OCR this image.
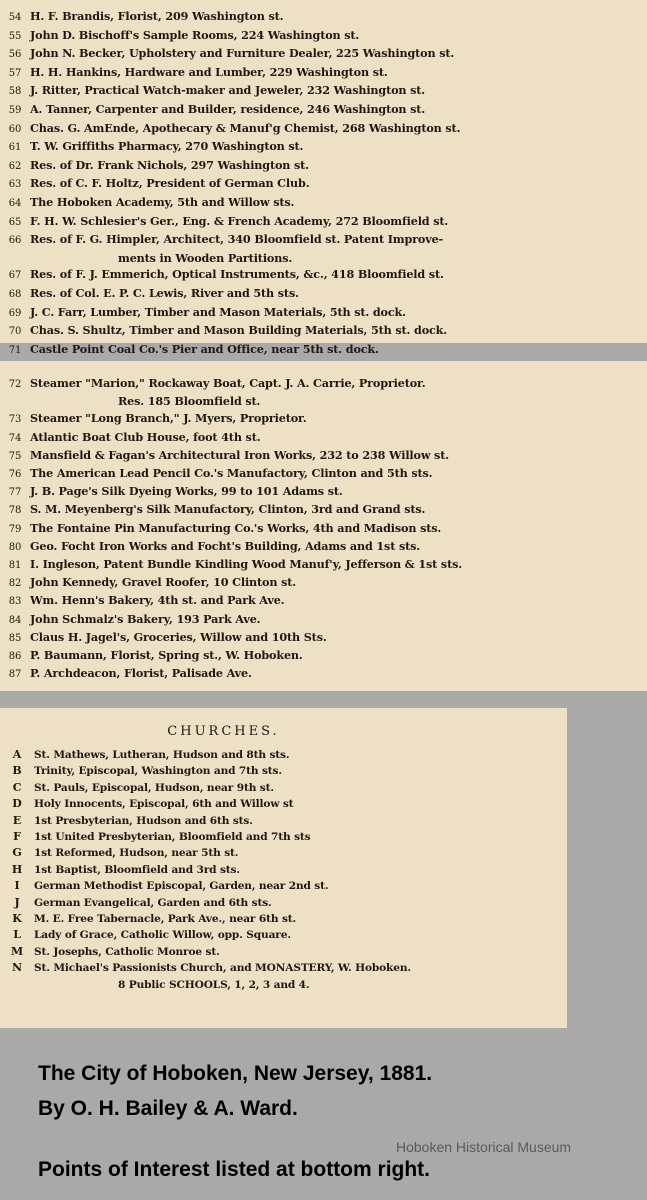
54 H. F. Brandis, Florist, 209 Washington st.
55 John D. Bischoff's Sample Rooms, 224 Washington st.
56 John N. Becker, Upholstery and Furniture Dealer, 225 Washington st.
57 H. H. Hankins, Hardware and Lumber, 229 Washington st.
58 J. Ritter, Practical Watch-maker and Jeweler, 232 Washington st.
59 A. Tanner, Carpenter and Builder, residence, 246 Washington st.
60 Chas. G. AmEnde, Apothecary & Manuf'g Chemist, 268 Washington st.
61 T. W. Griffiths Pharmacy, 270 Washington st.
62 Res. of Dr. Frank Nichols, 297 Washington st.
63 Res. of C. F. Holtz, President of German Club.
64 The Hoboken Academy, 5th and Willow sts.
65 F. H. W. Schlesier's Ger., Eng. & French Academy, 272 Bloomfield st.
66 Res. of F. G. Himpler, Architect, 340 Bloomfield st. Patent Improve-
ments in Wooden Partitions.
67 Res. of F. J. Emmerich, Optical Instruments, &c., 418 Bloomfield st.
68 Res. of Col. E. P. C. Lewis, River and 5th sts.
69 J. C. Farr, Lumber, Timber and Mason Materials, 5th st. dock.
70 Chas. S. Shultz, Timber and Mason Building Materials, 5th st. dock.
71 Castle Point Coal Co.'s Pier and Office, near 5th st. dock.
72 Steamer "Marion," Rockaway Boat, Capt. J. A. Carrie, Proprietor.
Res. 185 Bloomfield st.
73 Steamer "Long Branch," J. Myers, Proprietor.
74 Atlantic Boat Club House, foot 4th st.
75 Mansfield & Fagan's Architectural Iron Works, 232 to 238 Willow st.
76 The American Lead Pencil Co.'s Manufactory, Clinton and 5th sts.
77 J. B. Page's Silk Dyeing Works, 99 to 101 Adams st.
78 S. M. Meyenberg's Silk Manufactory, Clinton, 3rd and Grand sts.
79 The Fontaine Pin Manufacturing Co.'s Works, 4th and Madison sts.
80 Geo. Focht Iron Works and Focht's Building, Adams and 1st sts.
81 I. Ingleson, Patent Bundle Kindling Wood Manuf'y, Jefferson & 1st sts.
82 John Kennedy, Gravel Roofer, 10 Clinton st.
83 Wm. Henn's Bakery, 4th st. and Park Ave.
84 John Schmalz's Bakery, 193 Park Ave.
85 Claus H. Jagel's, Groceries, Willow and 10th Sts.
86 P. Baumann, Florist, Spring st., W. Hoboken.
87 P. Archdeacon, Florist, Palisade Ave.
CHURCHES.
A	St. Mathews, Lutheran, Hudson and 8th sts.
B	Trinity, Episcopal, Washington and 7th sts.
C	St. Pauls, Episcopal, Hudson, near 9th st.
D	Holy Innocents, Episcopal, 6th and Willow st
E	1st Presbyterian, Hudson and 6th sts.
F	1st United Presbyterian, Bloomfield and 7th sts
G	1st Reformed, Hudson, near 5th st.
H	1st Baptist, Bloomfield and 3rd sts.
I	German Methodist Episcopal, Garden, near 2nd st.
J	German Evangelical, Garden and 6th sts.
K	M. E. Free Tabernacle, Park Ave., near 6th st.
L	Lady of Grace, Catholic Willow, opp. Square.
M	St. Josephs, Catholic Monroe st.
N	St. Michael's Passionists Church, and MONASTERY, W. Hoboken.
8 Public SCHOOLS, 1, 2, 3 and 4.
The City of Hoboken, New Jersey, 1881.
By O. H. Bailey & A. Ward.
Hoboken Historical Museum
Points of Interest listed at bottom right.
